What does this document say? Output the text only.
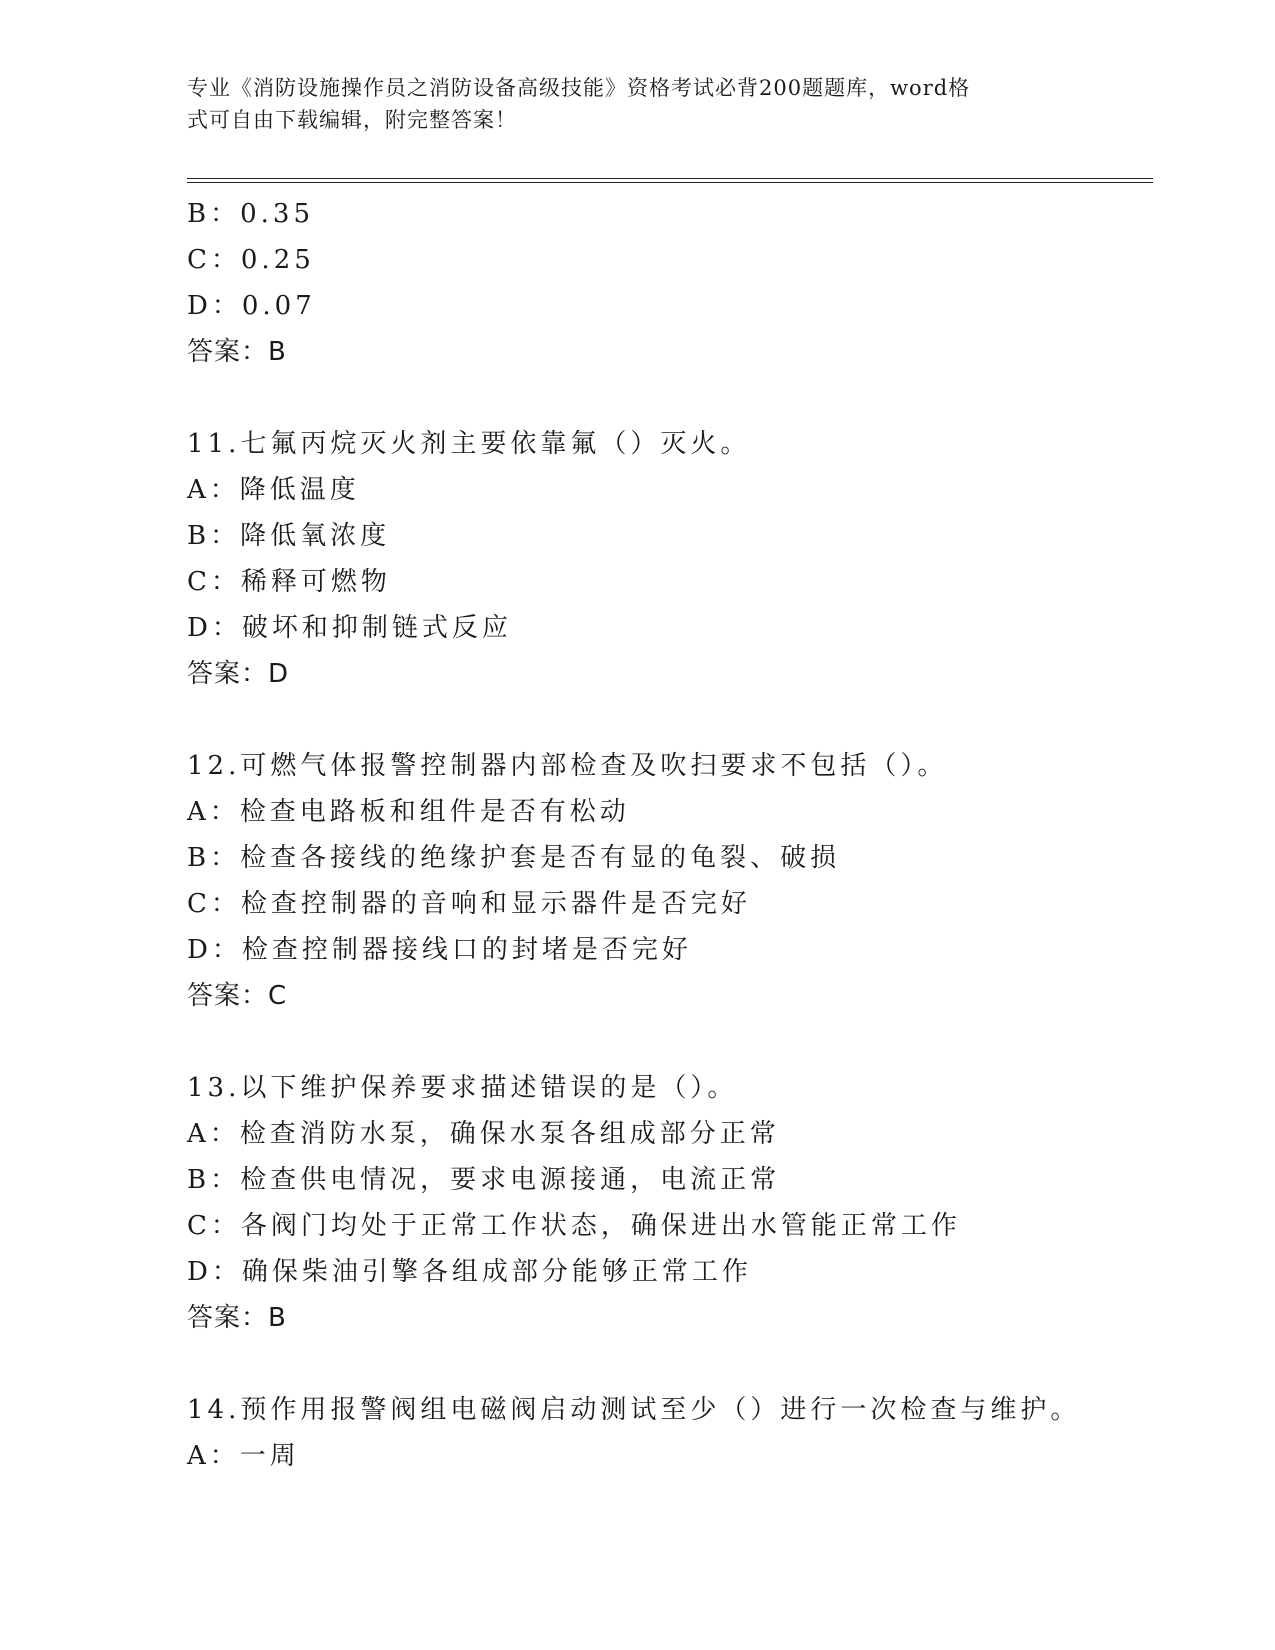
专业《消防设施操作员之消防设备高级技能》资格考试必背200题题库，word格
式可自由下载编辑，附完整答案！
B：0.35
C：0.25
D：0.07
答案：B
11.七氟丙烷灭火剂主要依靠氟（）灭火。
A：降低温度
B：降低氧浓度
C：稀释可燃物
D：破坏和抑制链式反应
答案：D
12.可燃气体报警控制器内部检查及吹扫要求不包括（）。
A：检查电路板和组件是否有松动
B：检查各接线的绝缘护套是否有显的龟裂、破损
C：检查控制器的音响和显示器件是否完好
D：检查控制器接线口的封堵是否完好
答案：C
13.以下维护保养要求描述错误的是（）。
A：检查消防水泵，确保水泵各组成部分正常
B：检查供电情况，要求电源接通，电流正常
C：各阀门均处于正常工作状态，确保进出水管能正常工作
D：确保柴油引擎各组成部分能够正常工作
答案：B
14.预作用报警阀组电磁阀启动测试至少（）进行一次检查与维护。
A：一周
